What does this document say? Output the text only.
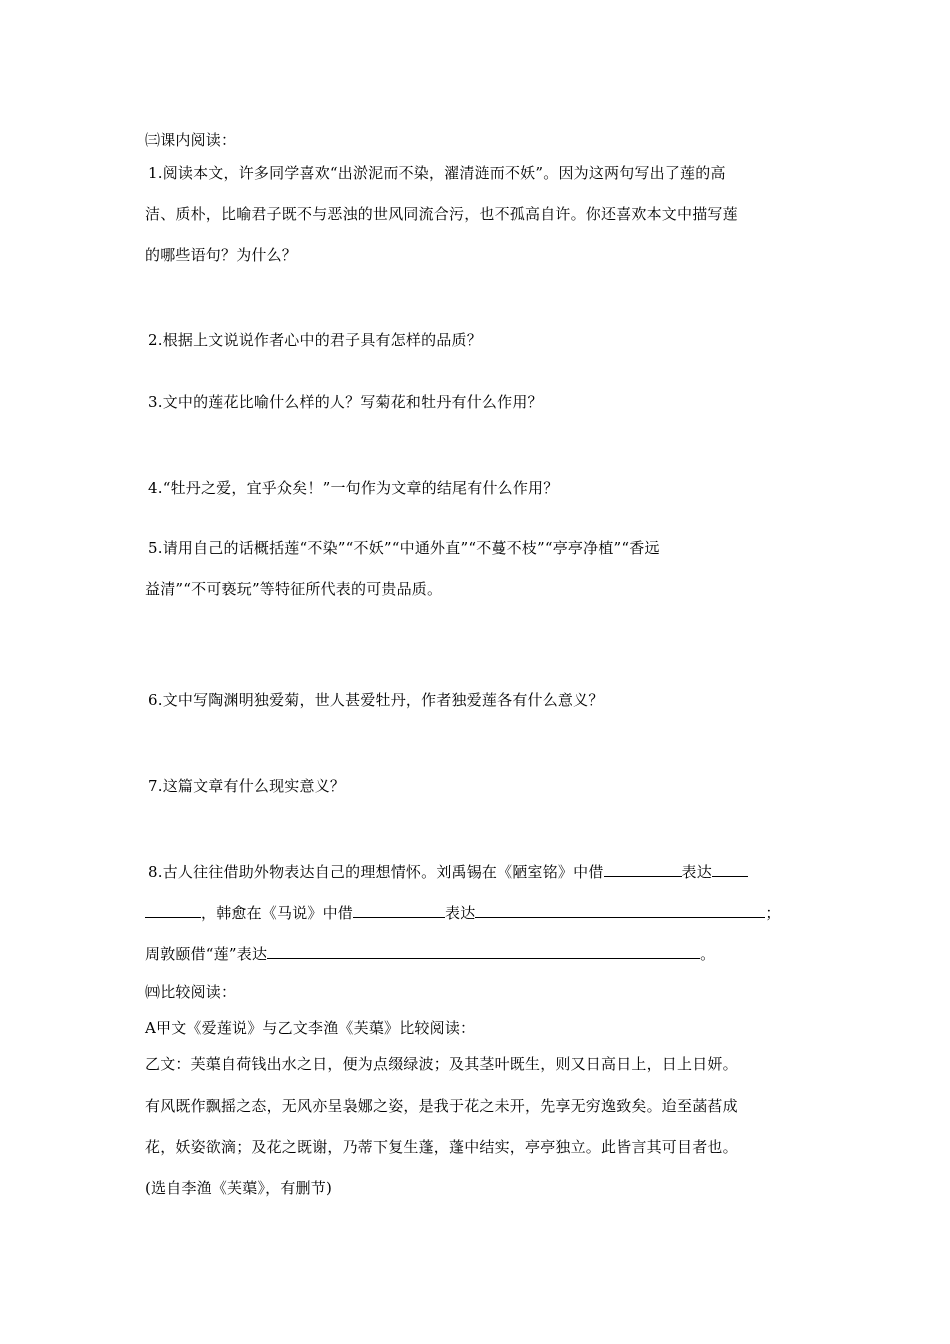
㈢课内阅读：
1.阅读本文，许多同学喜欢“出淤泥而不染，濯清涟而不妖”。因为这两句写出了莲的高
洁、质朴，比喻君子既不与恶浊的世风同流合污，也不孤高自许。你还喜欢本文中描写莲
的哪些语句？为什么？
2.根据上文说说作者心中的君子具有怎样的品质？
3.文中的莲花比喻什么样的人？写菊花和牡丹有什么作用？
4.“牡丹之爱，宜乎众矣！”一句作为文章的结尾有什么作用？
5.请用自己的话概括莲“不染”“不妖”“中通外直”“不蔓不枝”“亭亭净植”“香远
益清”“不可亵玩”等特征所代表的可贵品质。
6.文中写陶渊明独爱菊，世人甚爱牡丹，作者独爱莲各有什么意义？
7.这篇文章有什么现实意义？
8.古人往往借助外物表达自己的理想情怀。刘禹锡在《陋室铭》中借	表达
，韩愈在《马说》中借	表达	；
周敦颐借“莲”表达	。
㈣比较阅读：
A甲文《爱莲说》与乙文李渔《芙蕖》比较阅读：
乙文：芙蕖自荷钱出水之日，便为点缀绿波；及其茎叶既生，则又日高日上，日上日妍。
有风既作飘摇之态，无风亦呈袅娜之姿，是我于花之未开，先享无穷逸致矣。迨至菡萏成
花，妖姿欲滴；及花之既谢，乃蒂下复生蓬，蓬中结实，亭亭独立。此皆言其可目者也。
(选自李渔《芙蕖》，有删节)
